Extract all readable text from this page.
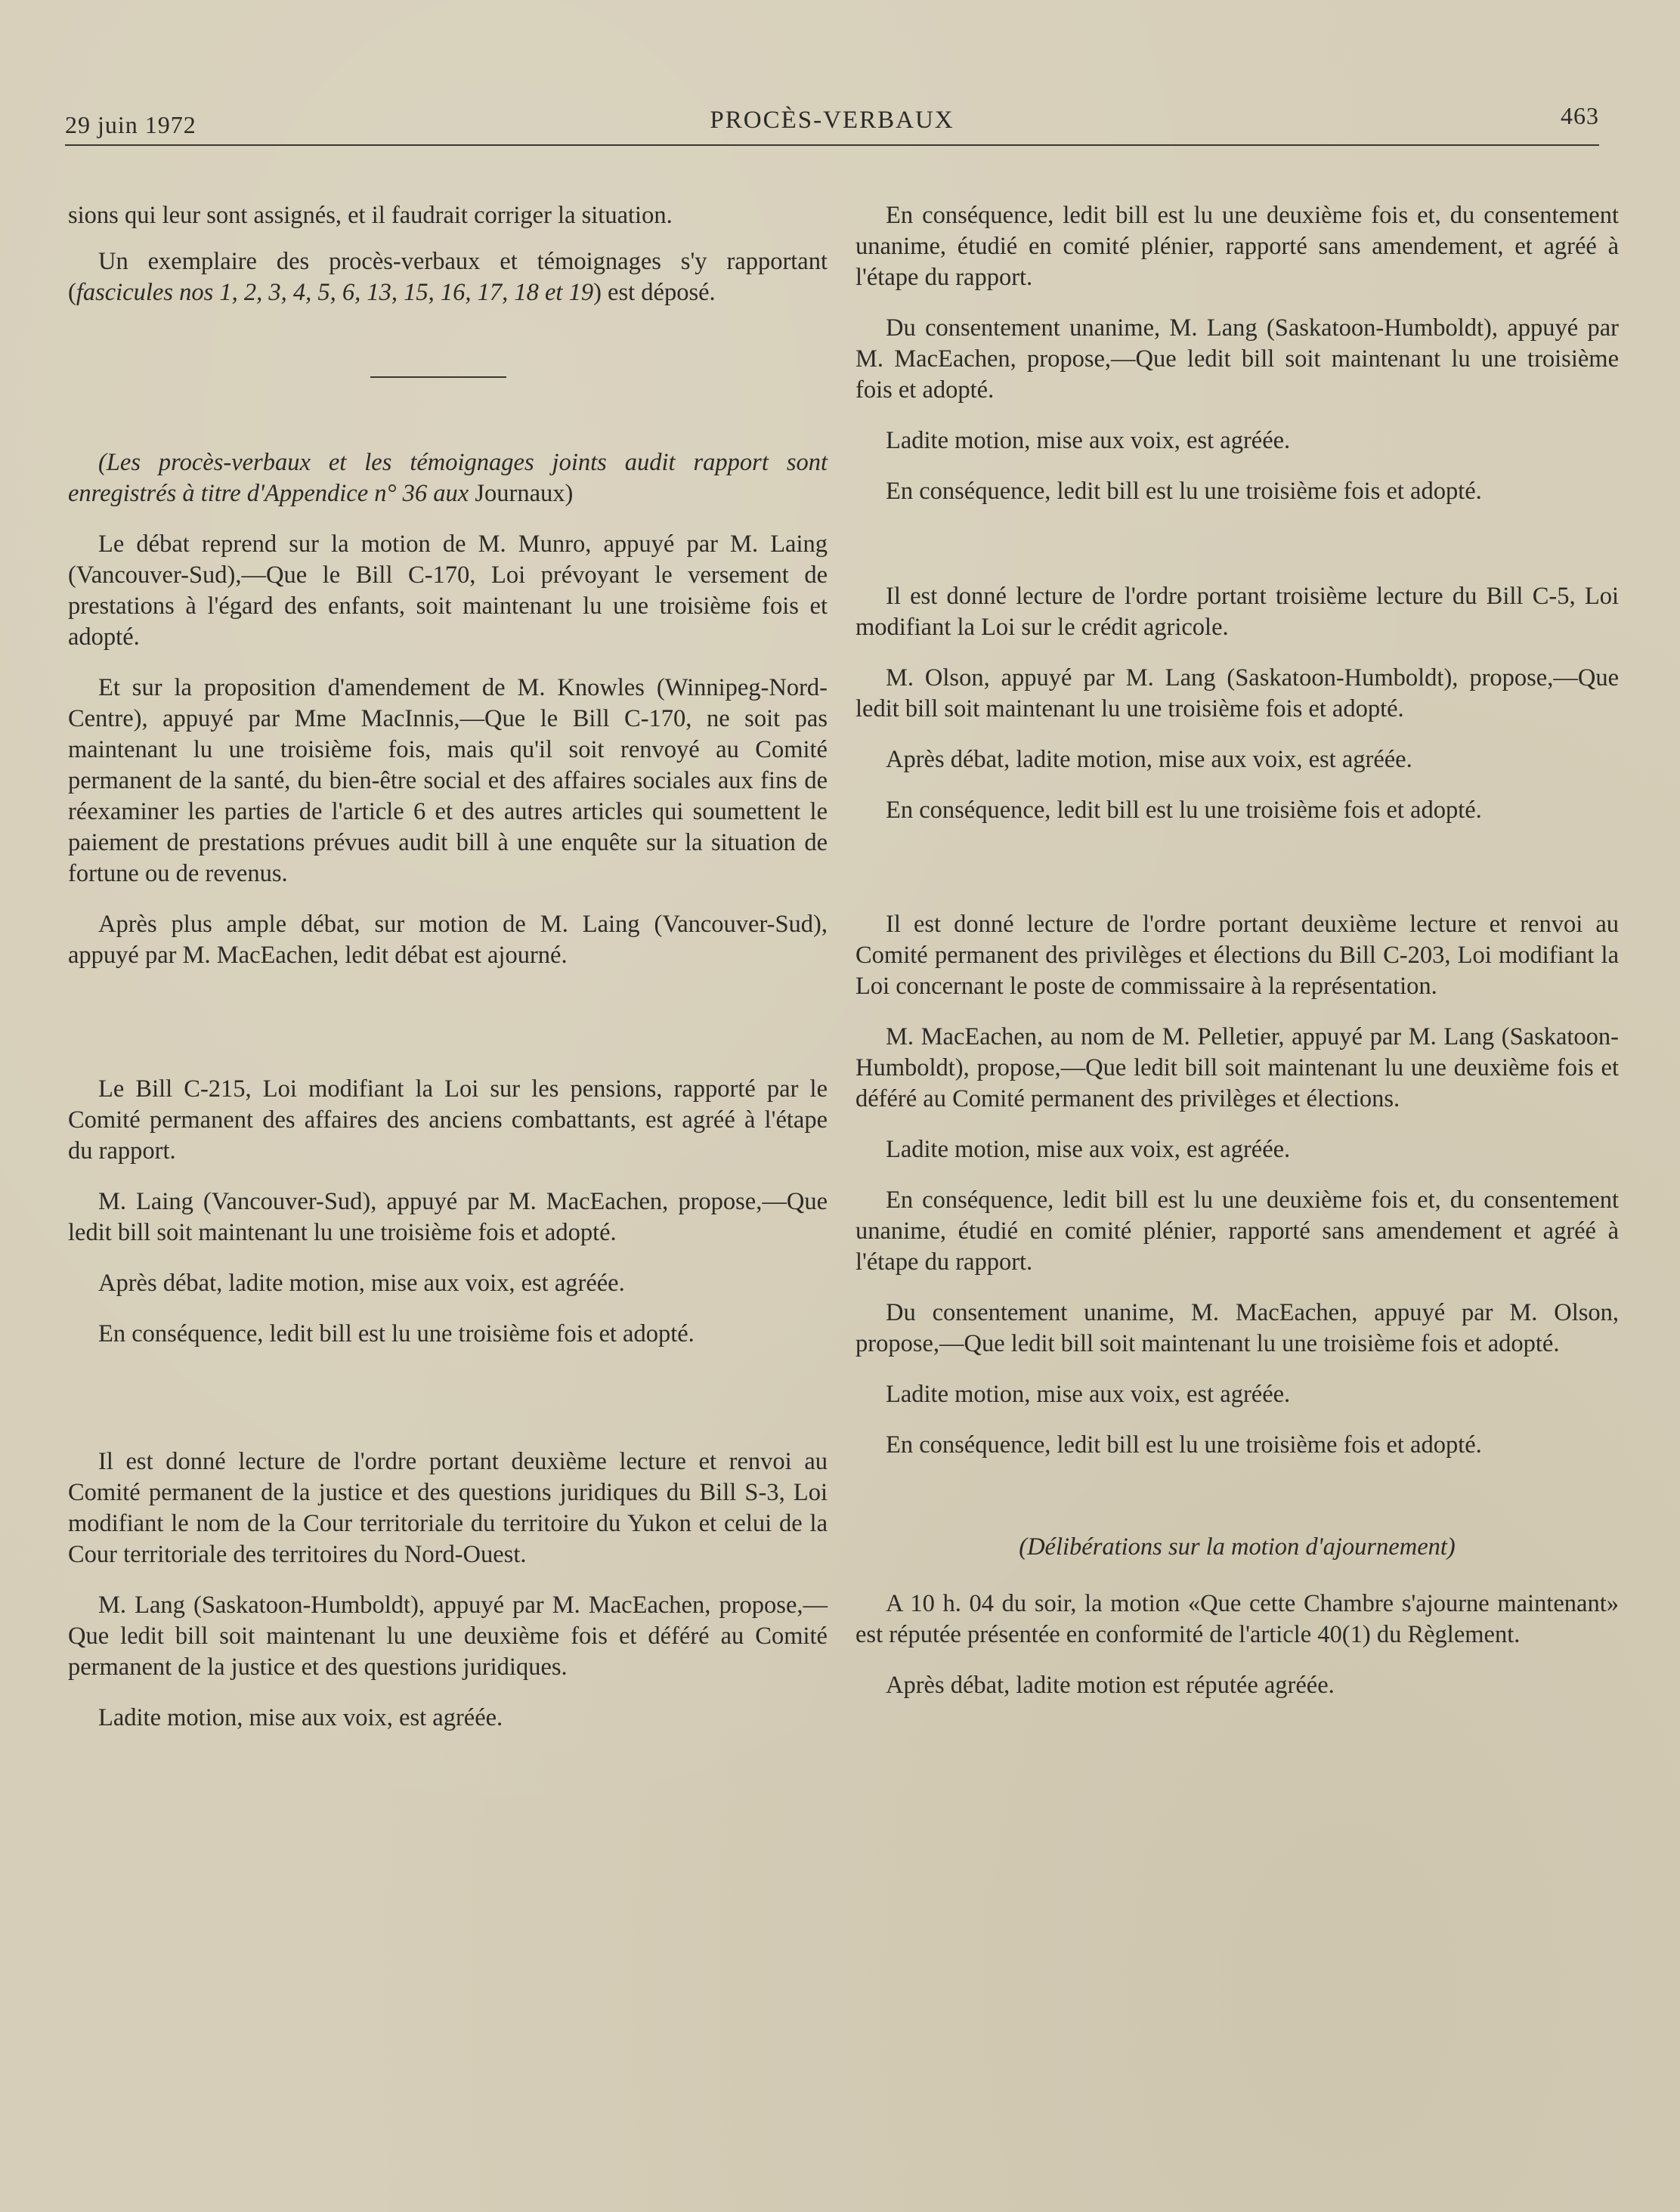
29 juin 1972	PROCÈS-VERBAUX	463

sions qui leur sont assignés, et il faudrait corriger la situation.

Un exemplaire des procès-verbaux et témoignages s'y rapportant (fascicules nos 1, 2, 3, 4, 5, 6, 13, 15, 16, 17, 18 et 19) est déposé.

(Les procès-verbaux et les témoignages joints audit rapport sont enregistrés à titre d'Appendice n° 36 aux Journaux)

Le débat reprend sur la motion de M. Munro, appuyé par M. Laing (Vancouver-Sud),—Que le Bill C-170, Loi prévoyant le versement de prestations à l'égard des enfants, soit maintenant lu une troisième fois et adopté.

Et sur la proposition d'amendement de M. Knowles (Winnipeg-Nord-Centre), appuyé par Mme MacInnis,—Que le Bill C-170, ne soit pas maintenant lu une troisième fois, mais qu'il soit renvoyé au Comité permanent de la santé, du bien-être social et des affaires sociales aux fins de réexaminer les parties de l'article 6 et des autres articles qui soumettent le paiement de prestations prévues audit bill à une enquête sur la situation de fortune ou de revenus.

Après plus ample débat, sur motion de M. Laing (Vancouver-Sud), appuyé par M. MacEachen, ledit débat est ajourné.

Le Bill C-215, Loi modifiant la Loi sur les pensions, rapporté par le Comité permanent des affaires des anciens combattants, est agréé à l'étape du rapport.

M. Laing (Vancouver-Sud), appuyé par M. MacEachen, propose,—Que ledit bill soit maintenant lu une troisième fois et adopté.

Après débat, ladite motion, mise aux voix, est agréée.

En conséquence, ledit bill est lu une troisième fois et adopté.

Il est donné lecture de l'ordre portant deuxième lecture et renvoi au Comité permanent de la justice et des questions juridiques du Bill S-3, Loi modifiant le nom de la Cour territoriale du territoire du Yukon et celui de la Cour territoriale des territoires du Nord-Ouest.

M. Lang (Saskatoon-Humboldt), appuyé par M. MacEachen, propose,—Que ledit bill soit maintenant lu une deuxième fois et déféré au Comité permanent de la justice et des questions juridiques.

Ladite motion, mise aux voix, est agréée.

En conséquence, ledit bill est lu une deuxième fois et, du consentement unanime, étudié en comité plénier, rapporté sans amendement, et agréé à l'étape du rapport.

Du consentement unanime, M. Lang (Saskatoon-Humboldt), appuyé par M. MacEachen, propose,—Que ledit bill soit maintenant lu une troisième fois et adopté.

Ladite motion, mise aux voix, est agréée.

En conséquence, ledit bill est lu une troisième fois et adopté.

Il est donné lecture de l'ordre portant troisième lecture du Bill C-5, Loi modifiant la Loi sur le crédit agricole.

M. Olson, appuyé par M. Lang (Saskatoon-Humboldt), propose,—Que ledit bill soit maintenant lu une troisième fois et adopté.

Après débat, ladite motion, mise aux voix, est agréée.

En conséquence, ledit bill est lu une troisième fois et adopté.

Il est donné lecture de l'ordre portant deuxième lecture et renvoi au Comité permanent des privilèges et élections du Bill C-203, Loi modifiant la Loi concernant le poste de commissaire à la représentation.

M. MacEachen, au nom de M. Pelletier, appuyé par M. Lang (Saskatoon-Humboldt), propose,—Que ledit bill soit maintenant lu une deuxième fois et déféré au Comité permanent des privilèges et élections.

Ladite motion, mise aux voix, est agréée.

En conséquence, ledit bill est lu une deuxième fois et, du consentement unanime, étudié en comité plénier, rapporté sans amendement et agréé à l'étape du rapport.

Du consentement unanime, M. MacEachen, appuyé par M. Olson, propose,—Que ledit bill soit maintenant lu une troisième fois et adopté.

Ladite motion, mise aux voix, est agréée.

En conséquence, ledit bill est lu une troisième fois et adopté.

(Délibérations sur la motion d'ajournement)

A 10 h. 04 du soir, la motion «Que cette Chambre s'ajourne maintenant» est réputée présentée en conformité de l'article 40(1) du Règlement.

Après débat, ladite motion est réputée agréée.
